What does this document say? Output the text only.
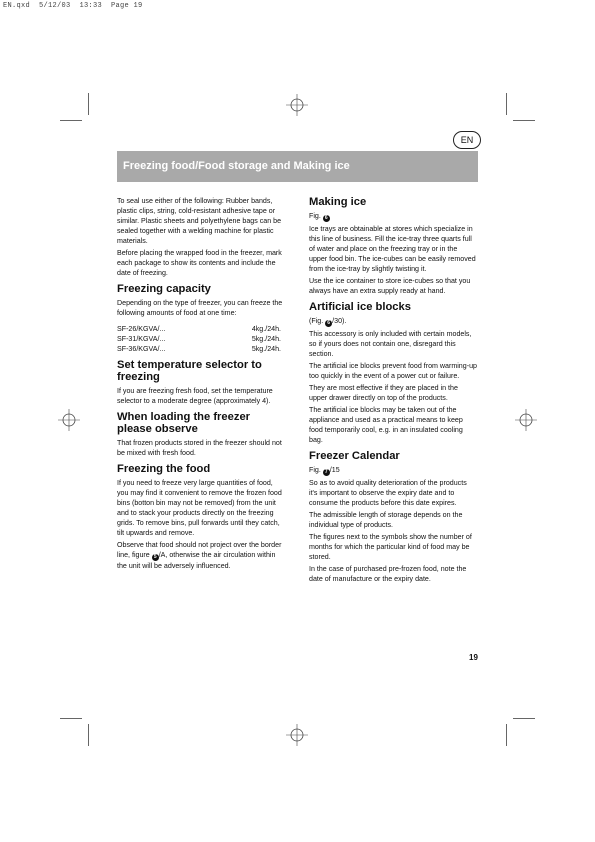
EN.qxd  5/12/03  13:33  Page 19
EN
Freezing food/Food storage and Making ice

To seal use either of the following: Rubber bands, plastic clips, string, cold-resistant adhesive tape or similar. Plastic sheets and polyethylene bags can be sealed together with a welding machine for plastic materials.

Before placing the wrapped food in the freezer, mark each package to show its contents and include the date of freezing.

Freezing capacity

Depending on the type of freezer, you can freeze the following amounts of food at one time:

SF-26/KGVA/...	4kg./24h.
SF-31/KGVA/...	5kg./24h.
SF-36/KGVA/...	5kg./24h.
Set temperature selector to freezing

If you are freezing fresh food, set the temperature selector to a moderate degree (approximately 4).

When loading the freezer please observe

That frozen products stored in the freezer should not be mixed with fresh food.

Freezing the food

If you need to freeze very large quantities of food, you may find it convenient to remove the frozen food bins (botton bin may not be removed) from the unit and to stack your products directly on the freezing grids. To remove bins, pull forwards until they catch, tilt upwards and remove.

Observe that food should not project over the border line, figure 5 /A, otherwise the air circulation within the unit will be adversely influenced.

Making ice

Fig. 6

Ice trays are obtainable at stores which specialize in this line of business. Fill the ice-tray three quarts full of water and place on the freezing tray or in the upper food bin. The ice-cubes can be easily removed from the ice-tray by slightly twisting it.

Use the ice container to store ice-cubes so that you always have an extra supply ready at hand.

Artificial ice blocks

(Fig. 6 /30).

This accessory is only included with certain models, so if yours does not contain one, disregard this section.

The artificial ice blocks prevent food from warming-up too quickly in the event of a power cut or failure.

They are most effective if they are placed in the upper drawer directly on top of the products.

The artificial ice blocks may be taken out of the appliance and used as a practical means to keep food temporarily cool, e.g. in an insulated cooling bag.

Freezer Calendar

Fig. 7 /15

So as to avoid quality deterioration of the products it's important to observe the expiry date and to consume the products before this date expires.

The admissible length of storage depends on the individual type of products.

The figures next to the symbols show the number of months for which the particular kind of food may be stored.

In the case of purchased pre-frozen food, note the date of manufacture or the expiry date.

19
